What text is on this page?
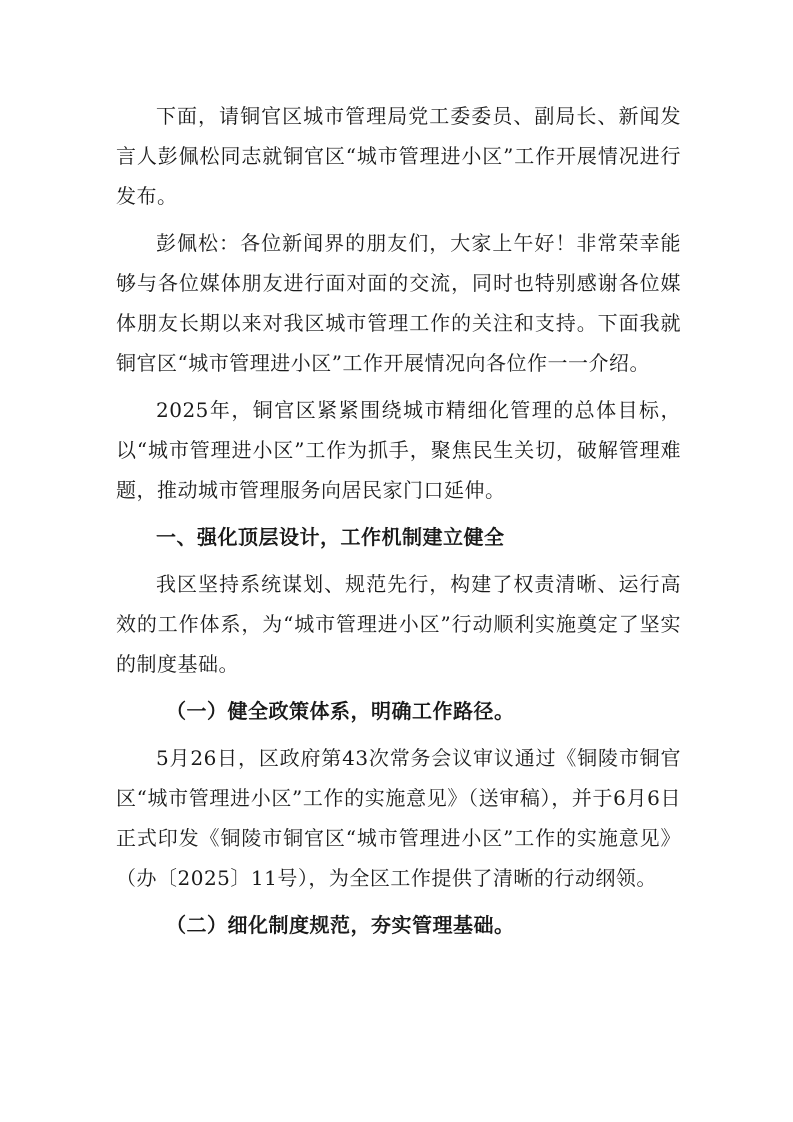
下面，请铜官区城市管理局党工委委员、副局长、新闻发言人彭佩松同志就铜官区“城市管理进小区”工作开展情况进行发布。

彭佩松：各位新闻界的朋友们，大家上午好！非常荣幸能够与各位媒体朋友进行面对面的交流，同时也特别感谢各位媒体朋友长期以来对我区城市管理工作的关注和支持。下面我就铜官区“城市管理进小区”工作开展情况向各位作一一介绍。

2025年，铜官区紧紧围绕城市精细化管理的总体目标，以“城市管理进小区”工作为抓手，聚焦民生关切，破解管理难题，推动城市管理服务向居民家门口延伸。

一、强化顶层设计，工作机制建立健全

我区坚持系统谋划、规范先行，构建了权责清晰、运行高效的工作体系，为“城市管理进小区”行动顺利实施奠定了坚实的制度基础。

（一）健全政策体系，明确工作路径。

5月26日，区政府第43次常务会议审议通过《铜陵市铜官区“城市管理进小区”工作的实施意见》（送审稿），并于6月6日正式印发《铜陵市铜官区“城市管理进小区”工作的实施意见》（办〔2025〕11号），为全区工作提供了清晰的行动纲领。

（二）细化制度规范，夯实管理基础。
